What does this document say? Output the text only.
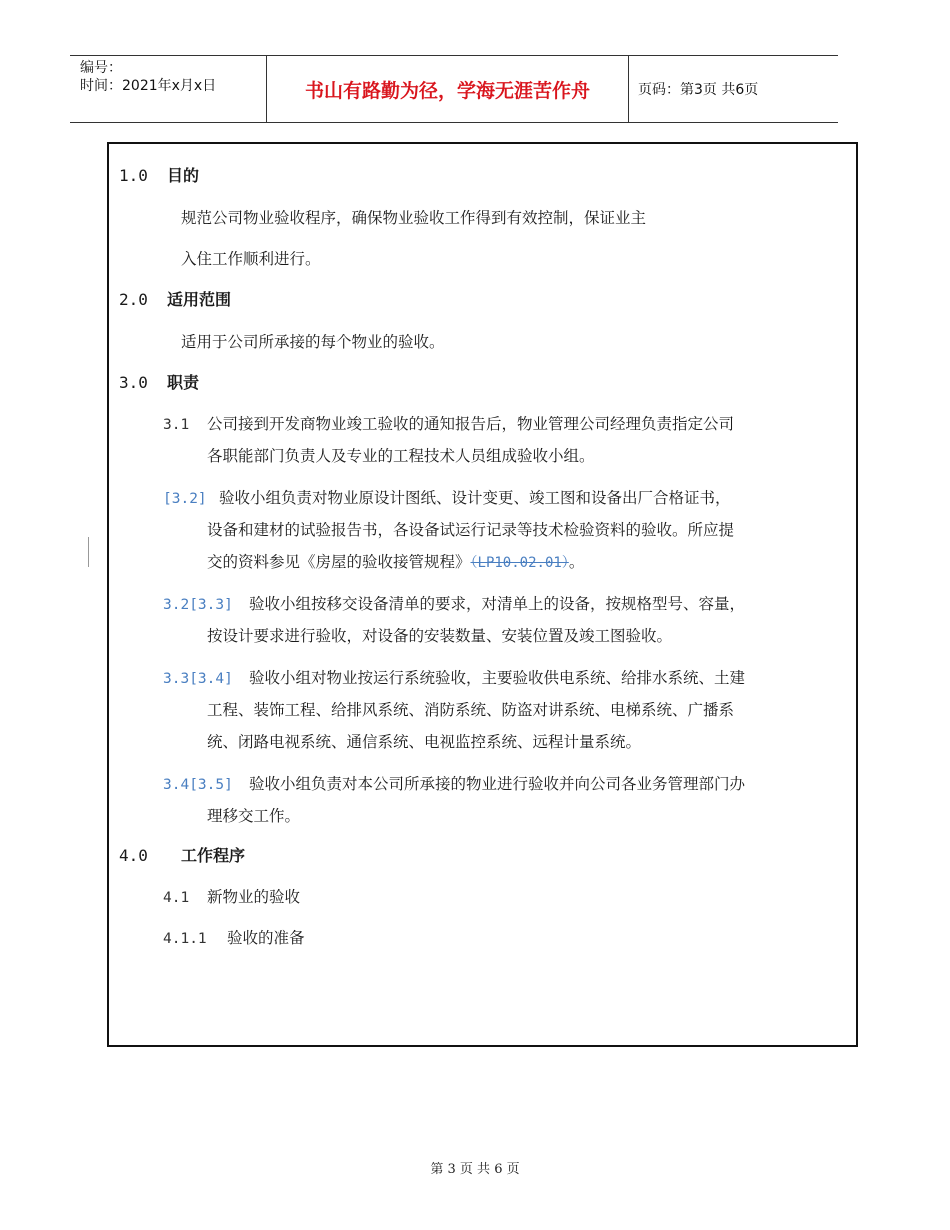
编号：
时间：2021年x月x日	书山有路勤为径，学海无涯苦作舟	页码：第3页 共6页
1.0 目的
规范公司物业验收程序，确保物业验收工作得到有效控制，保证业主
入住工作顺利进行。
2.0 适用范围
适用于公司所承接的每个物业的验收。
3.0 职责
3.1 公司接到开发商物业竣工验收的通知报告后，物业管理公司经理负责指定公司
各职能部门负责人及专业的工程技术人员组成验收小组。
[3.2] 验收小组负责对物业原设计图纸、设计变更、竣工图和设备出厂合格证书，
设备和建材的试验报告书，各设备试运行记录等技术检验资料的验收。所应提
交的资料参见《房屋的验收接管规程》（LP10.02.01）。
3.2[3.3] 验收小组按移交设备清单的要求，对清单上的设备，按规格型号、容量，
按设计要求进行验收，对设备的安装数量、安装位置及竣工图验收。
3.3[3.4] 验收小组对物业按运行系统验收，主要验收供电系统、给排水系统、土建
工程、装饰工程、给排风系统、消防系统、防盗对讲系统、电梯系统、广播系
统、闭路电视系统、通信系统、电视监控系统、远程计量系统。
3.4[3.5] 验收小组负责对本公司所承接的物业进行验收并向公司各业务管理部门办
理移交工作。
4.0 工作程序
4.1 新物业的验收
4.1.1 验收的准备
第 3 页 共 6 页
